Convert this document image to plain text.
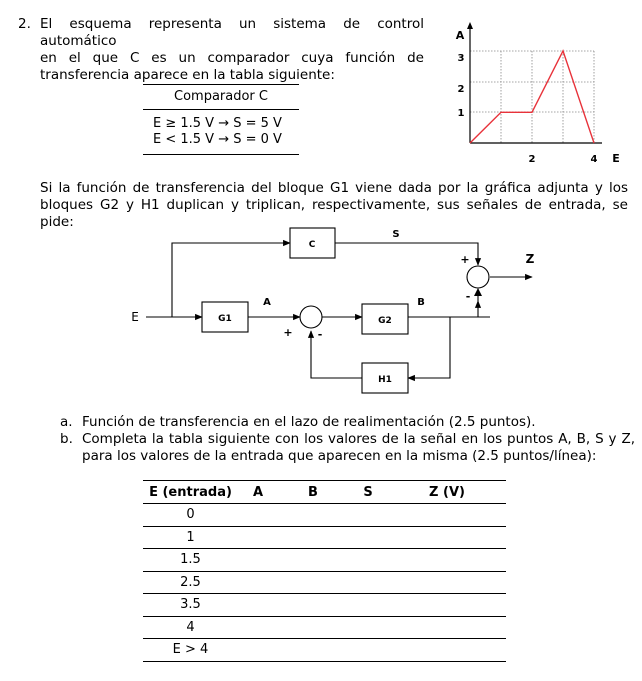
2. El esquema representa un sistema de control automático
en el que C es un comparador cuya función de
transferencia aparece en la tabla siguiente:
Comparador C
E ≥ 1.5 V → S = 5 V
E < 1.5 V → S = 0 V
A
E
1
2
3
2	4
Si la función de transferencia del bloque G1 viene dada por la gráfica adjunta y los
bloques G2 y H1 duplican y triplican, respectivamente, sus señales de entrada, se pide:
C
G1	G2
H1
E
A	B
S
Z
+ -
+
-
a. Función de transferencia en el lazo de realimentación (2.5 puntos).
b. Completa la tabla siguiente con los valores de la señal en los puntos A, B, S y Z,
para los valores de la entrada que aparecen en la misma (2.5 puntos/línea):
E (entrada)	A	B	S	Z (V)
0				
1				
1.5				
2.5				
3.5				
4				
E > 4				
